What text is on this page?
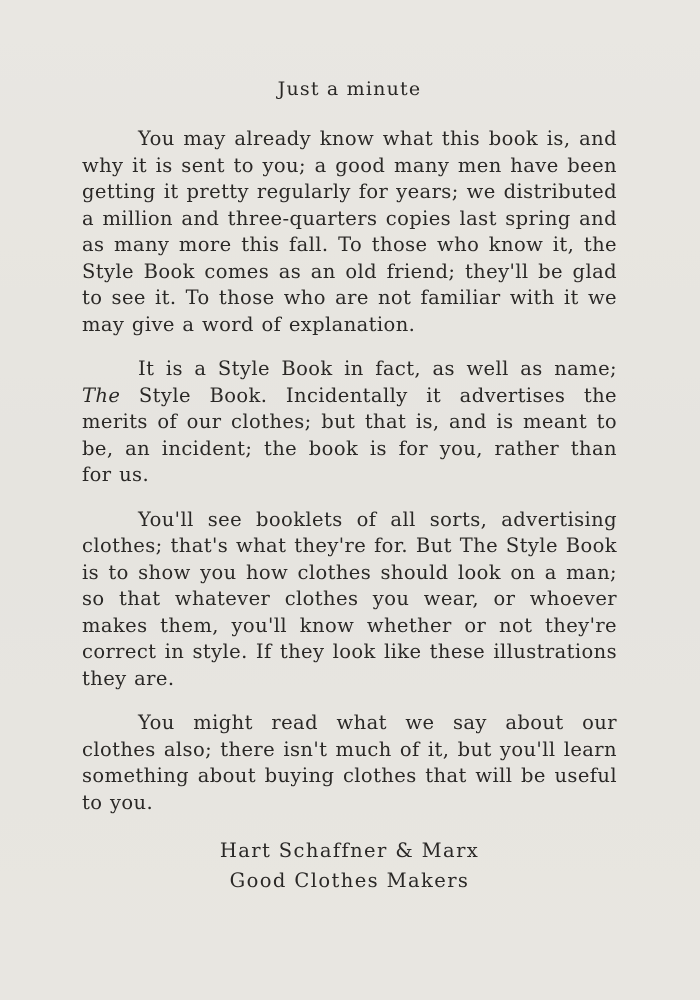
Just a minute

You may already know what this book is, and why it is sent to you; a good many men have been getting it pretty regularly for years; we distributed a million and three-quarters copies last spring and as many more this fall. To those who know it, the Style Book comes as an old friend; they'll be glad to see it. To those who are not familiar with it we may give a word of explanation.

It is a Style Book in fact, as well as name; The Style Book. Incidentally it advertises the merits of our clothes; but that is, and is meant to be, an incident; the book is for you, rather than for us.

You'll see booklets of all sorts, advertising clothes; that's what they're for. But The Style Book is to show you how clothes should look on a man; so that whatever clothes you wear, or whoever makes them, you'll know whether or not they're correct in style. If they look like these illustrations they are.

You might read what we say about our clothes also; there isn't much of it, but you'll learn something about buying clothes that will be useful to you.

Hart Schaffner & Marx
Good Clothes Makers
